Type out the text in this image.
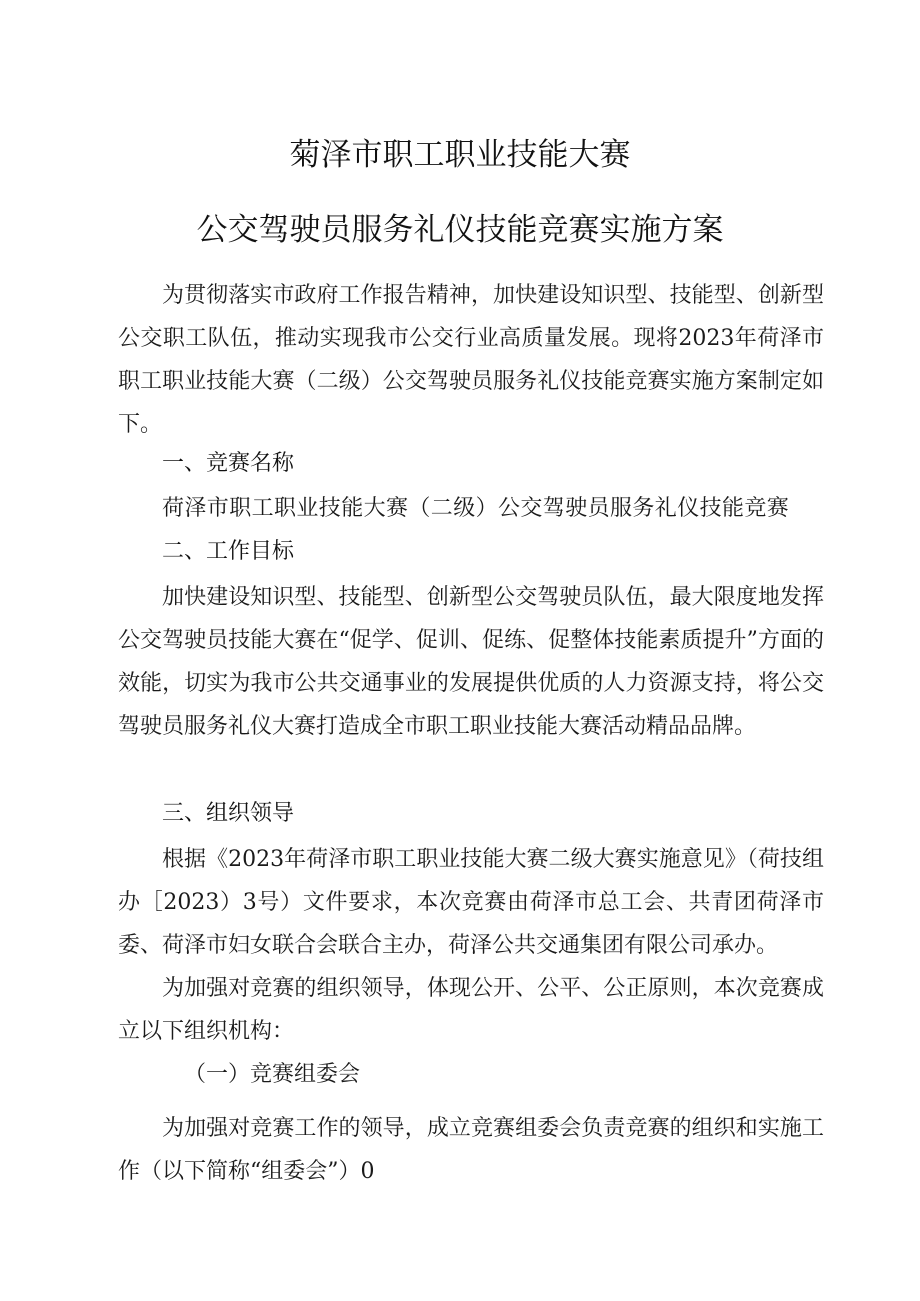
菊泽市职工职业技能大赛
公交驾驶员服务礼仪技能竞赛实施方案

为贯彻落实市政府工作报告精神，加快建设知识型、技能型、创新型公交职工队伍，推动实现我市公交行业高质量发展。现将2023年荷泽市职工职业技能大赛（二级）公交驾驶员服务礼仪技能竞赛实施方案制定如下。

一、竞赛名称
荷泽市职工职业技能大赛（二级）公交驾驶员服务礼仪技能竞赛
二、工作目标

加快建设知识型、技能型、创新型公交驾驶员队伍，最大限度地发挥公交驾驶员技能大赛在“促学、促训、促练、促整体技能素质提升”方面的效能，切实为我市公共交通事业的发展提供优质的人力资源支持，将公交驾驶员服务礼仪大赛打造成全市职工职业技能大赛活动精品品牌。

三、组织领导

根据《2023年荷泽市职工职业技能大赛二级大赛实施意见》（荷技组办［2023）3号）文件要求，本次竞赛由荷泽市总工会、共青团荷泽市委、荷泽市妇女联合会联合主办，荷泽公共交通集团有限公司承办。

为加强对竞赛的组织领导，体现公开、公平、公正原则，本次竞赛成立以下组织机构：

（一）竞赛组委会

为加强对竞赛工作的领导，成立竞赛组委会负责竞赛的组织和实施工作（以下简称“组委会”）0
